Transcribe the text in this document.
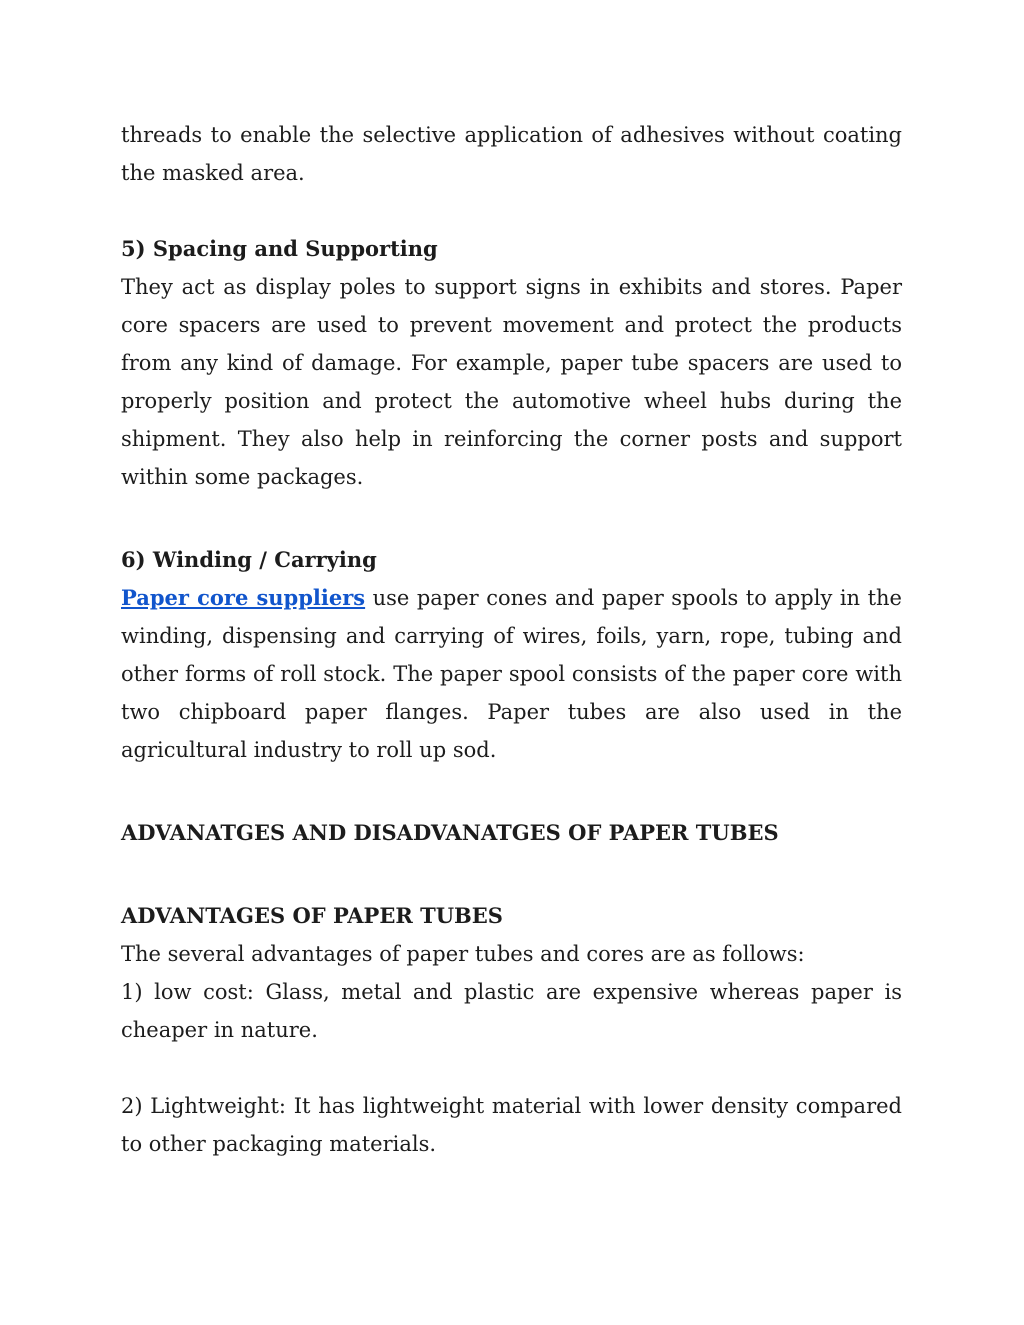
threads to enable the selective application of adhesives without coating the masked area.

5) Spacing and Supporting

They act as display poles to support signs in exhibits and stores. Paper core spacers are used to prevent movement and protect the products from any kind of damage. For example, paper tube spacers are used to properly position and protect the automotive wheel hubs during the shipment. They also help in reinforcing the corner posts and support within some packages.

6) Winding / Carrying

Paper core suppliers use paper cones and paper spools to apply in the winding, dispensing and carrying of wires, foils, yarn, rope, tubing and other forms of roll stock. The paper spool consists of the paper core with two chipboard paper flanges. Paper tubes are also used in the agricultural industry to roll up sod.

ADVANATGES AND DISADVANATGES OF PAPER TUBES

ADVANTAGES OF PAPER TUBES

The several advantages of paper tubes and cores are as follows:

1) low cost: Glass, metal and plastic are expensive whereas paper is cheaper in nature.

2) Lightweight: It has lightweight material with lower density compared to other packaging materials.
